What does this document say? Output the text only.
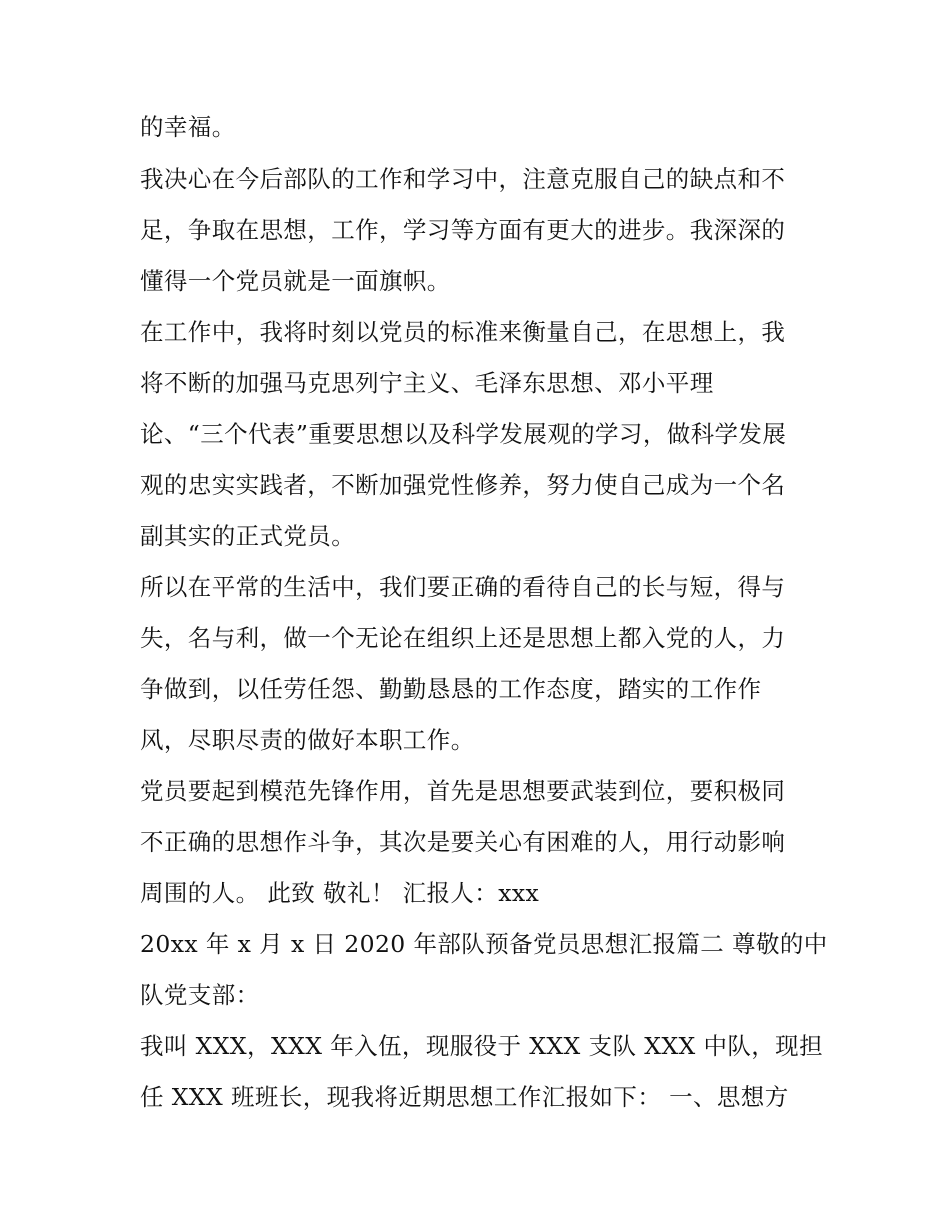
的幸福。
我决心在今后部队的工作和学习中，注意克服自己的缺点和不
足，争取在思想，工作，学习等方面有更大的进步。我深深的
懂得一个党员就是一面旗帜。
在工作中，我将时刻以党员的标准来衡量自己，在思想上，我
将不断的加强马克思列宁主义、毛泽东思想、邓小平理
论、“三个代表”重要思想以及科学发展观的学习，做科学发展
观的忠实实践者，不断加强党性修养，努力使自己成为一个名
副其实的正式党员。
所以在平常的生活中，我们要正确的看待自己的长与短，得与
失，名与利，做一个无论在组织上还是思想上都入党的人，力
争做到，以任劳任怨、勤勤恳恳的工作态度，踏实的工作作
风，尽职尽责的做好本职工作。
党员要起到模范先锋作用，首先是思想要武装到位，要积极同
不正确的思想作斗争，其次是要关心有困难的人，用行动影响
周围的人。 此致 敬礼！ 汇报人：xxx
20xx 年 x 月 x 日 2020 年部队预备党员思想汇报篇二 尊敬的中
队党支部：
我叫 XXX，XXX 年入伍，现服役于 XXX 支队 XXX 中队，现担
任 XXX 班班长，现我将近期思想工作汇报如下： 一、思想方
